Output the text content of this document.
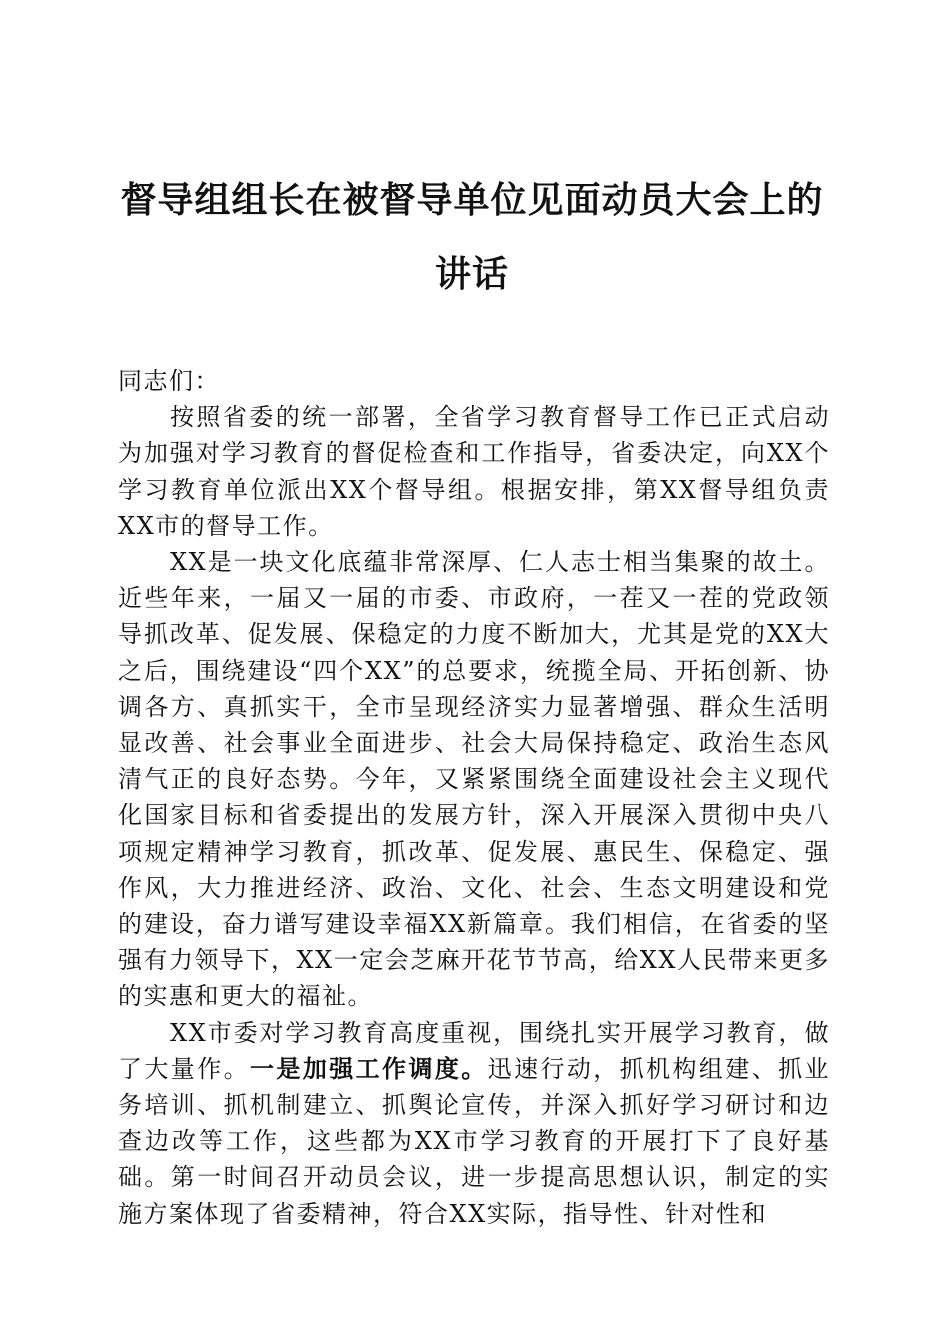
督导组组长在被督导单位见面动员大会上的讲话

同志们：

按照省委的统一部署，全省学习教育督导工作已正式启动为加强对学习教育的督促检查和工作指导，省委决定，向XX个学习教育单位派出XX个督导组。根据安排，第XX督导组负责XX市的督导工作。

XX是一块文化底蕴非常深厚、仁人志士相当集聚的故土。近些年来，一届又一届的市委、市政府，一茬又一茬的党政领导抓改革、促发展、保稳定的力度不断加大，尤其是党的XX大之后，围绕建设“四个XX”的总要求，统揽全局、开拓创新、协调各方、真抓实干，全市呈现经济实力显著增强、群众生活明显改善、社会事业全面进步、社会大局保持稳定、政治生态风清气正的良好态势。今年，又紧紧围绕全面建设社会主义现代化国家目标和省委提出的发展方针，深入开展深入贯彻中央八项规定精神学习教育，抓改革、促发展、惠民生、保稳定、强作风，大力推进经济、政治、文化、社会、生态文明建设和党的建设，奋力谱写建设幸福XX新篇章。我们相信，在省委的坚强有力领导下，XX一定会芝麻开花节节高，给XX人民带来更多的实惠和更大的福祉。

XX市委对学习教育高度重视，围绕扎实开展学习教育，做了大量作。一是加强工作调度。迅速行动，抓机构组建、抓业务培训、抓机制建立、抓舆论宣传，并深入抓好学习研讨和边查边改等工作，这些都为XX市学习教育的开展打下了良好基础。第一时间召开动员会议，进一步提高思想认识，制定的实施方案体现了省委精神，符合XX实际，指导性、针对性和
